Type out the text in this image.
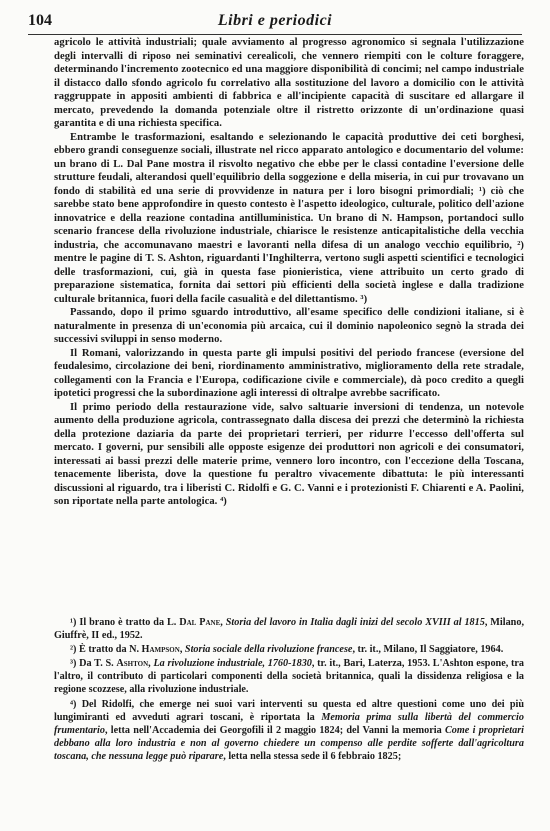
104	Libri e periodici

agricolo le attività industriali; quale avviamento al progresso agronomico si segnala l'utilizzazione degli intervalli di riposo nei seminativi cerealicoli, che vennero riempiti con le colture foraggere, determinando l'incremento zootecnico ed una maggiore disponibilità di concimi; nel campo industriale il distacco dallo sfondo agricolo fu correlativo alla sostituzione del lavoro a domicilio con le attività raggruppate in appositi ambienti di fabbrica e all'incipiente capacità di suscitare ed allargare il mercato, prevedendo la domanda potenziale oltre il ristretto orizzonte di un'ordinazione quasi garantita e di una richiesta specifica.

Entrambe le trasformazioni, esaltando e selezionando le capacità produttive dei ceti borghesi, ebbero grandi conseguenze sociali, illustrate nel ricco apparato antologico e documentario del volume: un brano di L. Dal Pane mostra il risvolto negativo che ebbe per le classi contadine l'eversione delle strutture feudali, alterandosi quell'equilibrio della soggezione e della miseria, in cui pur trovavano un fondo di stabilità ed una serie di provvidenze in natura per i loro bisogni primordiali; ¹) ciò che sarebbe stato bene approfondire in questo contesto è l'aspetto ideologico, culturale, politico dell'azione innovatrice e della reazione contadina antilluministica. Un brano di N. Hampson, portandoci sullo scenario francese della rivoluzione industriale, chiarisce le resistenze anticapitalistiche della vecchia industria, che accomunavano maestri e lavoranti nella difesa di un analogo vecchio equilibrio, ²) mentre le pagine di T. S. Ashton, riguardanti l'Inghilterra, vertono sugli aspetti scientifici e tecnologici delle trasformazioni, cui, già in questa fase pionieristica, viene attribuito un certo grado di preparazione sistematica, fornita dai settori più efficienti della società inglese e dalla tradizione culturale britannica, fuori della facile casualità e del dilettantismo. ³)

Passando, dopo il primo sguardo introduttivo, all'esame specifico delle condizioni italiane, si è naturalmente in presenza di un'economia più arcaica, cui il dominio napoleonico segnò la strada dei successivi sviluppi in senso moderno.

Il Romani, valorizzando in questa parte gli impulsi positivi del periodo francese (eversione del feudalesimo, circolazione dei beni, riordinamento amministrativo, miglioramento della rete stradale, collegamenti con la Francia e l'Europa, codificazione civile e commerciale), dà poco credito a quegli ipotetici progressi che la subordinazione agli interessi di oltralpe avrebbe sacrificato.

Il primo periodo della restaurazione vide, salvo saltuarie inversioni di tendenza, un notevole aumento della produzione agricola, contrassegnato dalla discesa dei prezzi che determinò la richiesta della protezione daziaria da parte dei proprietari terrieri, per ridurre l'eccesso dell'offerta sul mercato. I governi, pur sensibili alle opposte esigenze dei produttori non agricoli e dei consumatori, interessati ai bassi prezzi delle materie prime, vennero loro incontro, con l'eccezione della Toscana, tenacemente liberista, dove la questione fu peraltro vivacemente dibattuta: le più interessanti discussioni al riguardo, tra i liberisti C. Ridolfi e G. C. Vanni e i protezionisti F. Chiarenti e A. Paolini, son riportate nella parte antologica. ⁴)

¹) Il brano è tratto da L. Dal Pane, Storia del lavoro in Italia dagli inizi del secolo XVIII al 1815, Milano, Giuffrè, II ed., 1952.

²) È tratto da N. Hampson, Storia sociale della rivoluzione francese, tr. it., Milano, Il Saggiatore, 1964.

³) Da T. S. Ashton, La rivoluzione industriale, 1760-1830, tr. it., Bari, Laterza, 1953. L'Ashton espone, tra l'altro, il contributo di particolari componenti della società britannica, quali la dissidenza religiosa e la regione scozzese, alla rivoluzione industriale.

⁴) Del Ridolfi, che emerge nei suoi vari interventi su questa ed altre questioni come uno dei più lungimiranti ed avveduti agrari toscani, è riportata la Memoria prima sulla libertà del commercio frumentario, letta nell'Accademia dei Georgofili il 2 maggio 1824; del Vanni la memoria Come i proprietari debbano alla loro industria e non al governo chiedere un compenso alle perdite sofferte dall'agricoltura toscana, che nessuna legge può riparare, letta nella stessa sede il 6 febbraio 1825;
